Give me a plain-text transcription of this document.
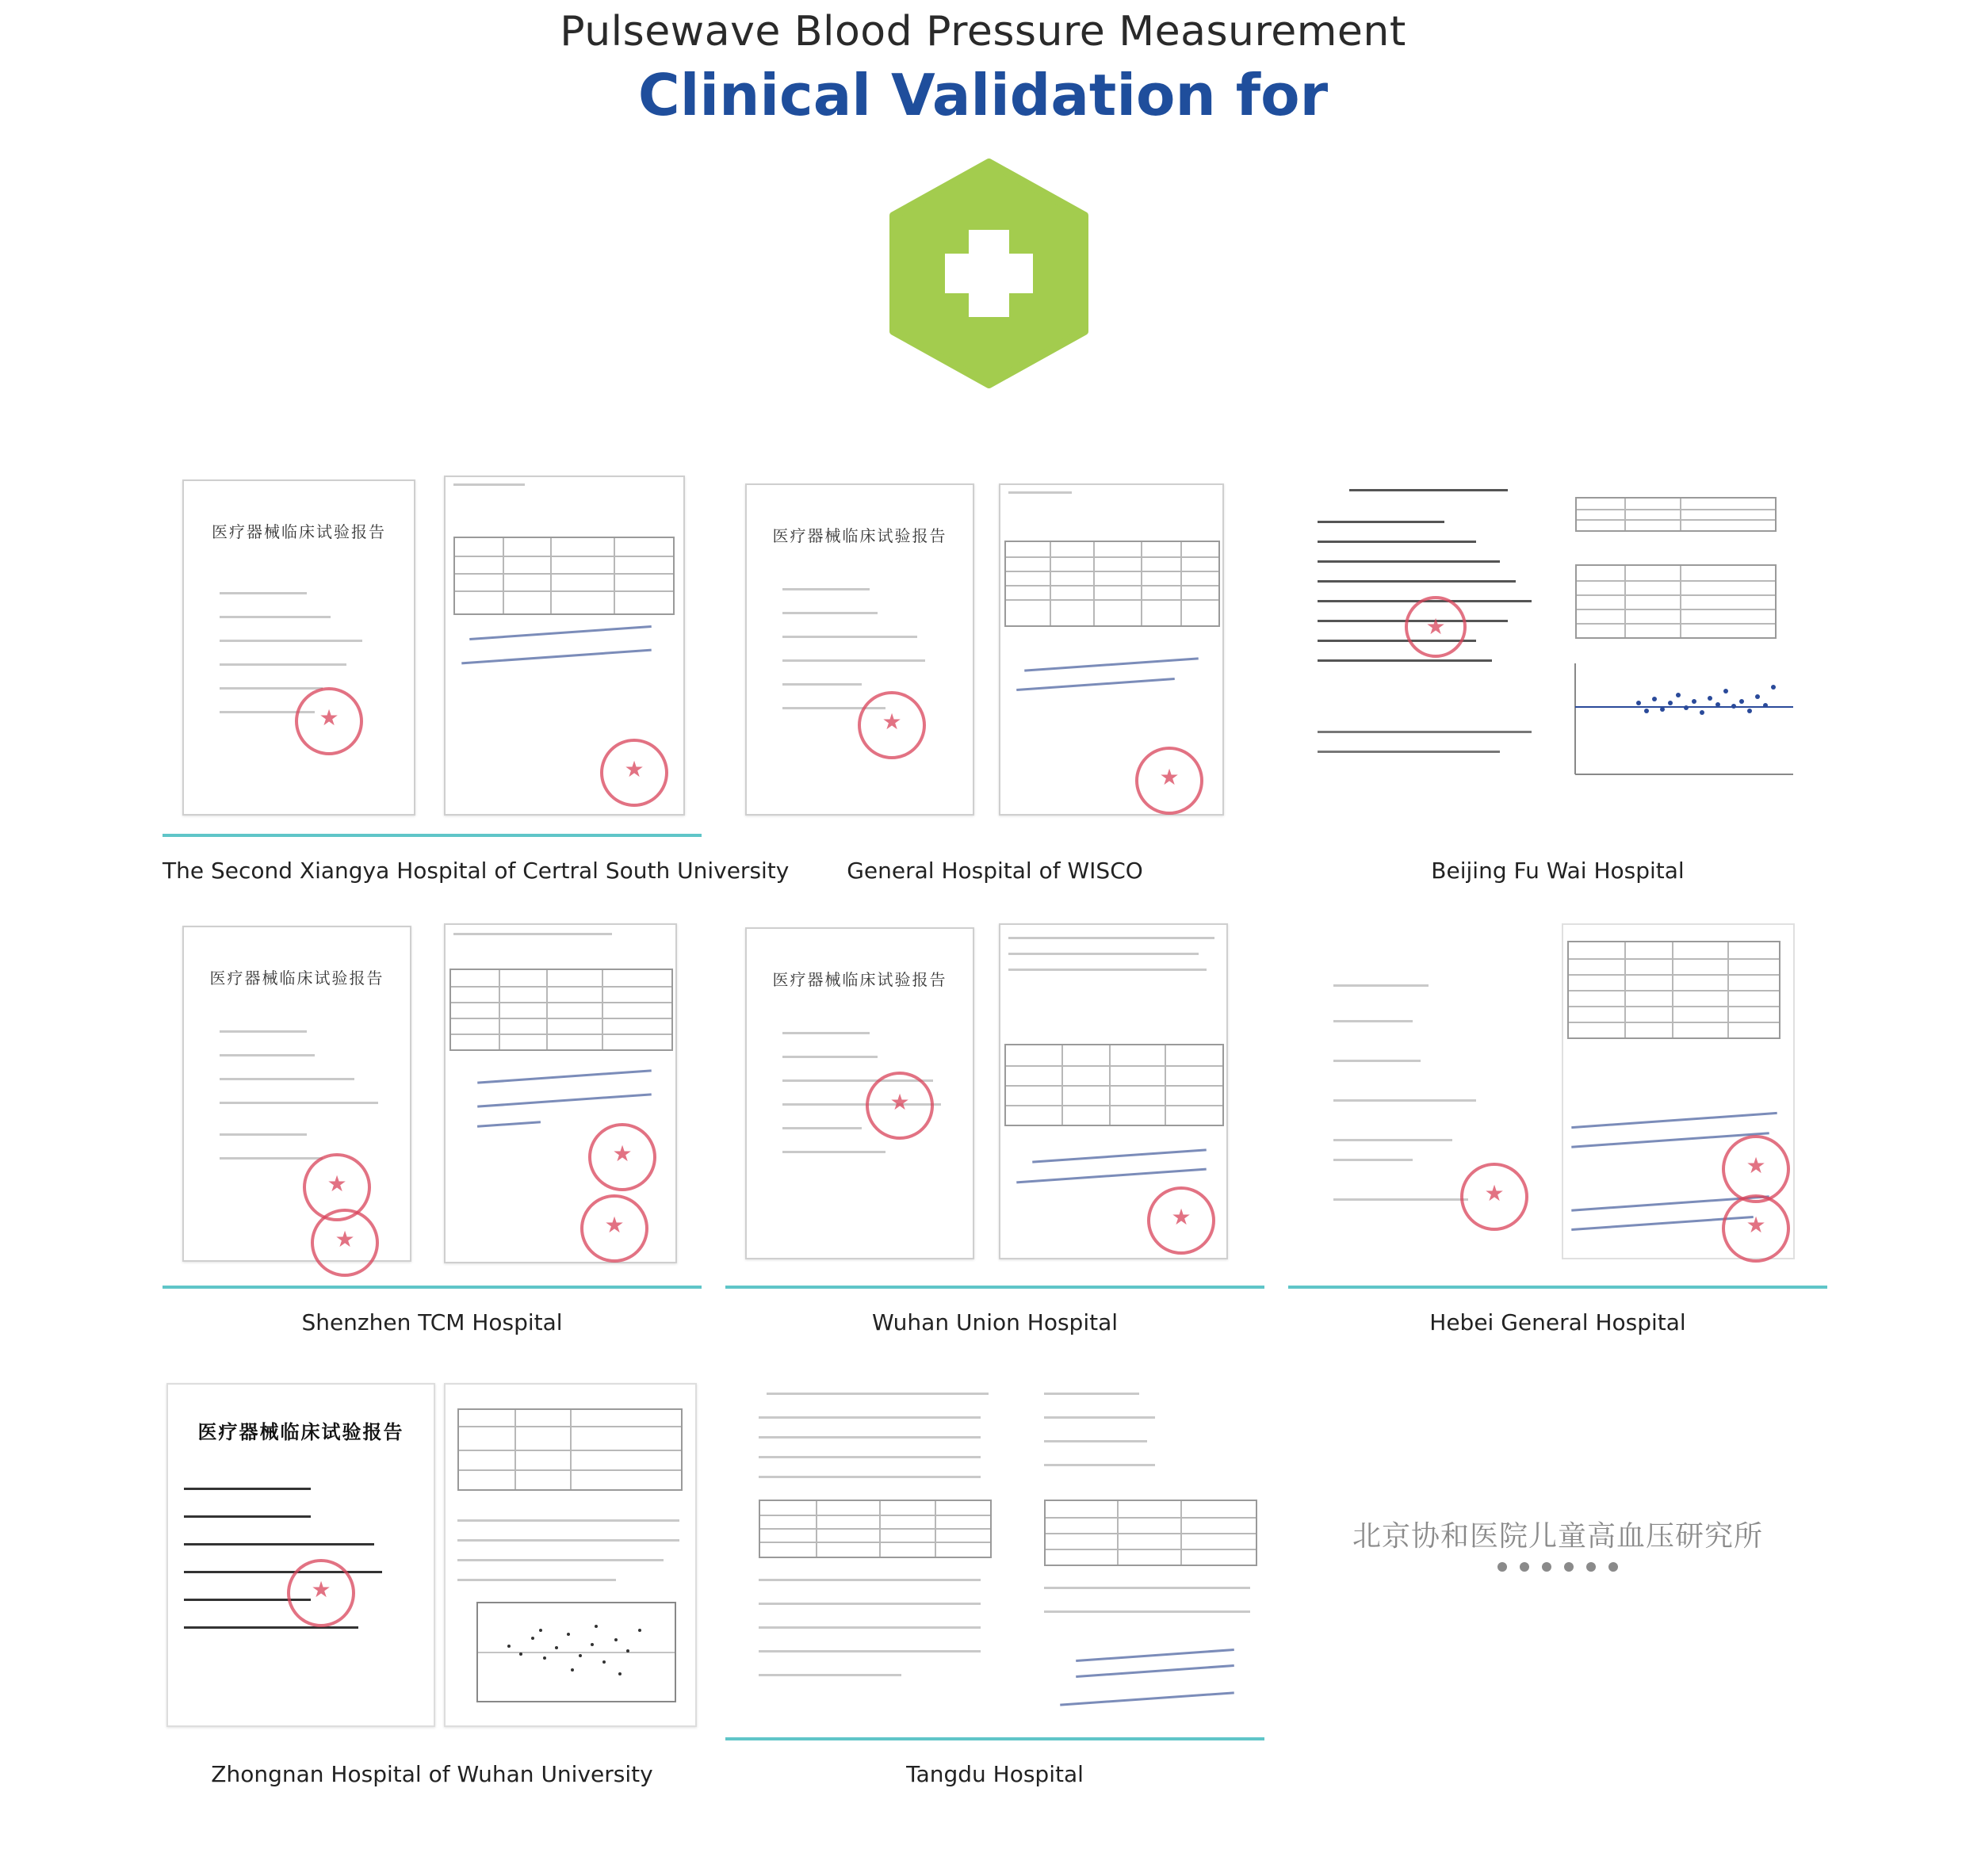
Pulsewave Blood Pressure Measurement
Clinical Validation for
医疗器械临床试验报告
★
★
The Second Xiangya Hospital of Certral South University
医疗器械临床试验报告
★
★
General Hospital of WISCO
★	Beijing Fu Wai Hospital
医疗器械临床试验报告
★
★
★
★
Shenzhen TCM Hospital
医疗器械临床试验报告
★
★
Wuhan Union Hospital
★
★
★	Hebei General Hospital
医疗器械临床试验报告
★
Zhongnan Hospital of Wuhan University	Tangdu Hospital
北京协和医院儿童高血压研究所
